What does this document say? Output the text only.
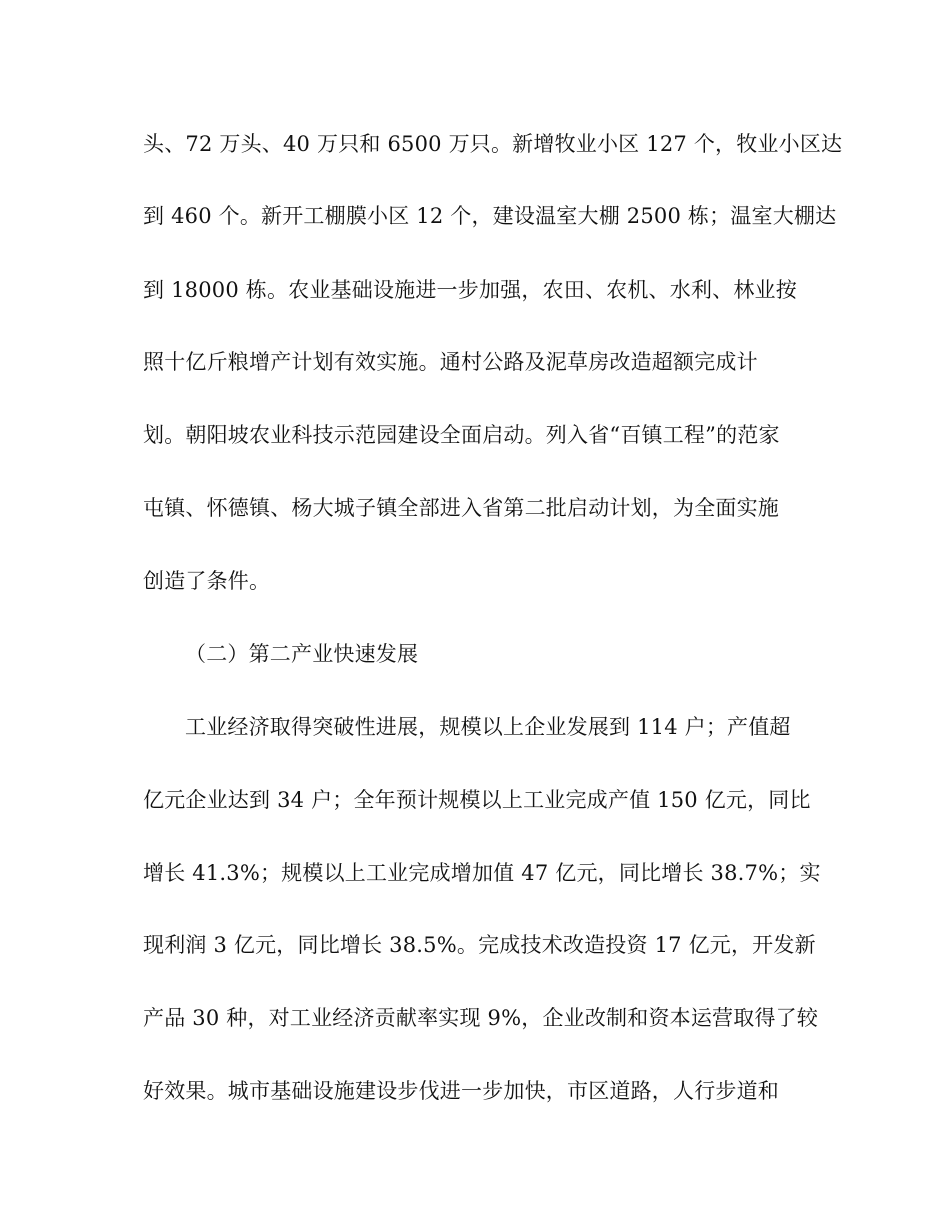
头、72 万头、40 万只和 6500 万只。新增牧业小区 127 个，牧业小区达
到 460 个。新开工棚膜小区 12 个，建设温室大棚 2500 栋；温室大棚达
到 18000 栋。农业基础设施进一步加强，农田、农机、水利、林业按
照十亿斤粮增产计划有效实施。通村公路及泥草房改造超额完成计
划。朝阳坡农业科技示范园建设全面启动。列入省“百镇工程”的范家
屯镇、怀德镇、杨大城子镇全部进入省第二批启动计划，为全面实施
创造了条件。
（二）第二产业快速发展
工业经济取得突破性进展，规模以上企业发展到 114 户；产值超
亿元企业达到 34 户；全年预计规模以上工业完成产值 150 亿元，同比
增长 41.3%；规模以上工业完成增加值 47 亿元，同比增长 38.7%；实
现利润 3 亿元，同比增长 38.5%。完成技术改造投资 17 亿元，开发新
产品 30 种，对工业经济贡献率实现 9%，企业改制和资本运营取得了较
好效果。城市基础设施建设步伐进一步加快，市区道路，人行步道和
